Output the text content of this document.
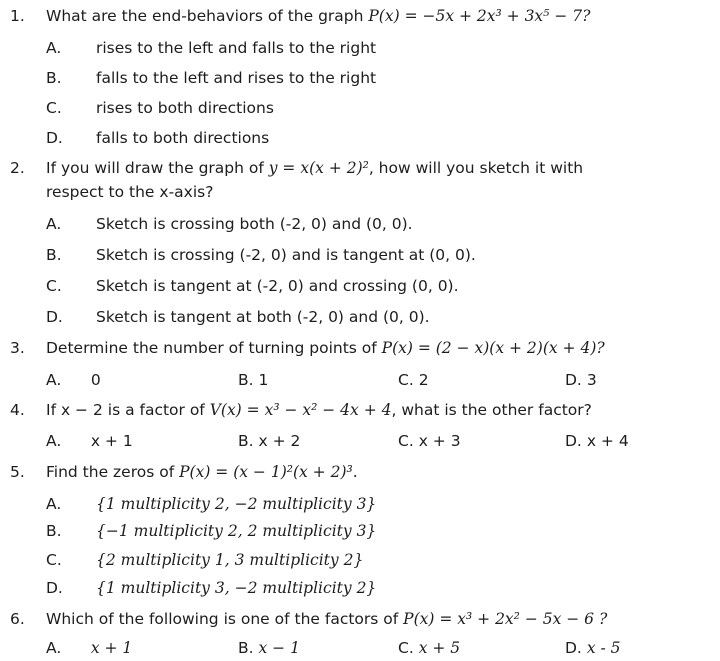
1. What are the end-behaviors of the graph P(x) = −5x + 2x³ + 3x⁵ − 7?
A. rises to the left and falls to the right
B. falls to the left and rises to the right
C. rises to both directions
D. falls to both directions
2. If you will draw the graph of y = x(x + 2)², how will you sketch it with
respect to the x-axis?
A. Sketch is crossing both (-2, 0) and (0, 0).
B. Sketch is crossing (-2, 0) and is tangent at (0, 0).
C. Sketch is tangent at (-2, 0) and crossing (0, 0).
D. Sketch is tangent at both (-2, 0) and (0, 0).
3. Determine the number of turning points of P(x) = (2 − x)(x + 2)(x + 4)?
A. 0	B. 1	C. 2	D. 3
4. If x − 2 is a factor of V(x) = x³ − x² − 4x + 4, what is the other factor?
A. x + 1	B. x + 2	C. x + 3	D. x + 4
5. Find the zeros of P(x) = (x − 1)²(x + 2)³.
A. {1 multiplicity 2, −2 multiplicity 3}
B. {−1 multiplicity 2, 2 multiplicity 3}
C. {2 multiplicity 1, 3 multiplicity 2}
D. {1 multiplicity 3, −2 multiplicity 2}
6. Which of the following is one of the factors of P(x) = x³ + 2x² − 5x − 6 ?
A. x + 1	B. x − 1	C. x + 5	D. x - 5
